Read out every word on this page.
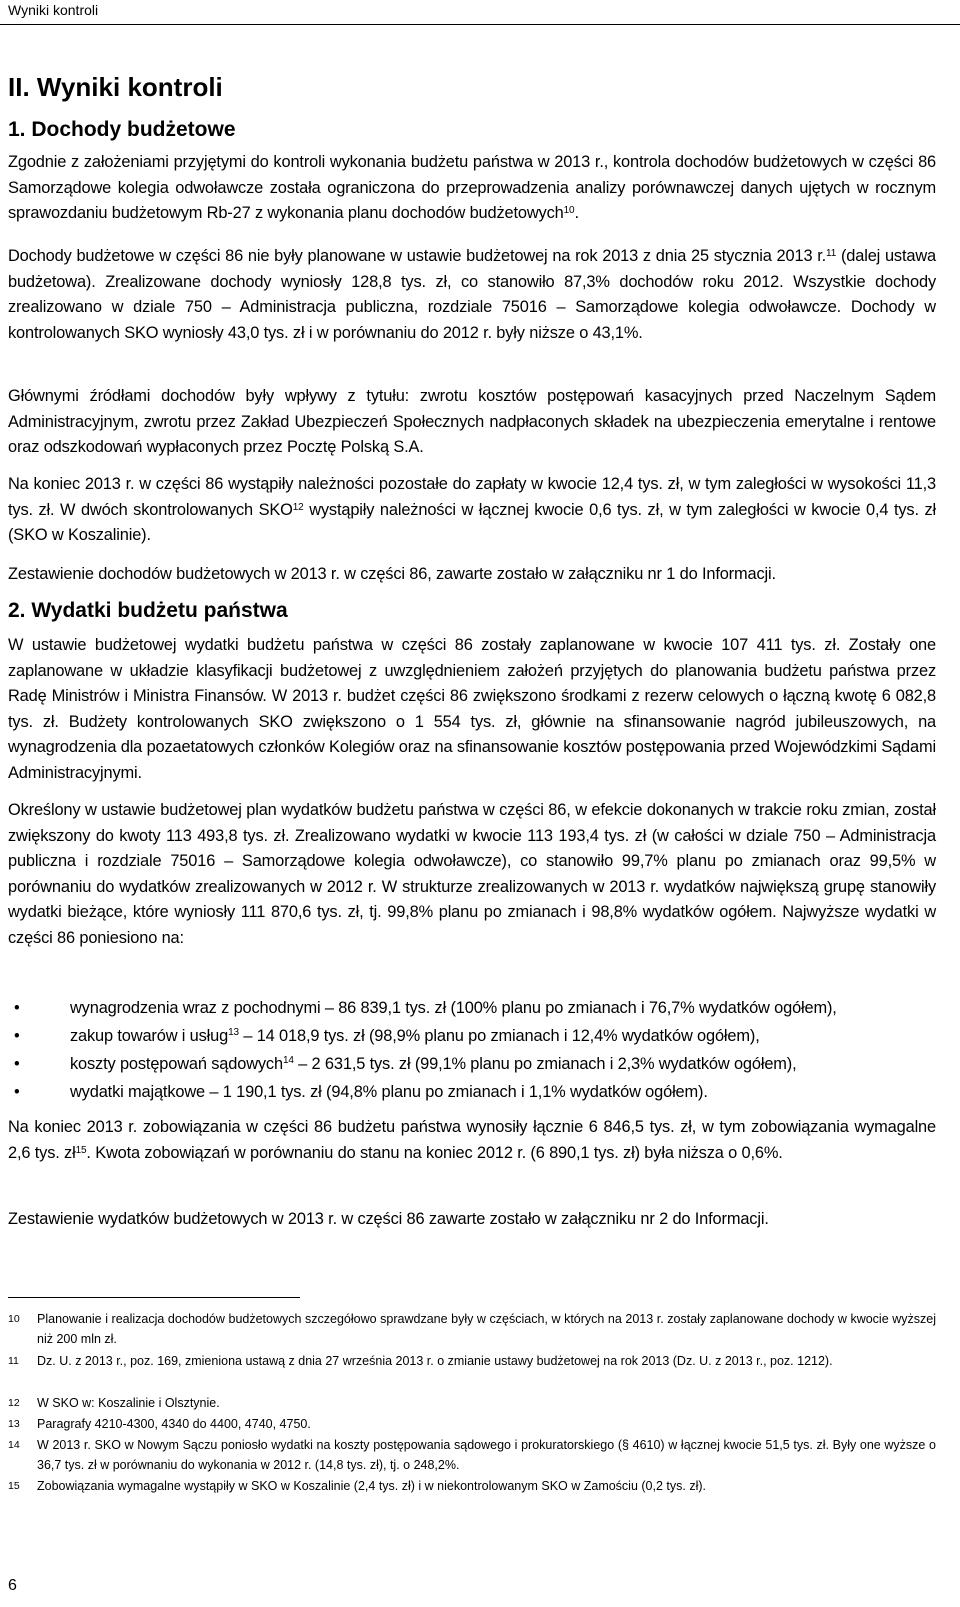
Wyniki kontroli
II. Wyniki kontroli
1. Dochody budżetowe

Zgodnie z założeniami przyjętymi do kontroli wykonania budżetu państwa w 2013 r., kontrola dochodów budżetowych w części 86 Samorządowe kolegia odwoławcze została ograniczona do przeprowadzenia analizy porównawczej danych ujętych w rocznym sprawozdaniu budżetowym Rb-27 z wykonania planu dochodów budżetowych$^{10}$.

Dochody budżetowe w części 86 nie były planowane w ustawie budżetowej na rok 2013 z dnia 25 stycznia 2013 r.$^{11}$ (dalej ustawa budżetowa). Zrealizowane dochody wyniosły 128,8 tys. zł, co stanowiło 87,3% dochodów roku 2012. Wszystkie dochody zrealizowano w dziale 750 – Administracja publiczna, rozdziale 75016 – Samorządowe kolegia odwoławcze. Dochody w kontrolowanych SKO wyniosły 43,0 tys. zł i w porównaniu do 2012 r. były niższe o 43,1%.

Głównymi źródłami dochodów były wpływy z tytułu: zwrotu kosztów postępowań kasacyjnych przed Naczelnym Sądem Administracyjnym, zwrotu przez Zakład Ubezpieczeń Społecznych nadpłaconych składek na ubezpieczenia emerytalne i rentowe oraz odszkodowań wypłaconych przez Pocztę Polską S.A.

Na koniec 2013 r. w części 86 wystąpiły należności pozostałe do zapłaty w kwocie 12,4 tys. zł, w tym zaległości w wysokości 11,3 tys. zł. W dwóch skontrolowanych SKO$^{12}$ wystąpiły należności w łącznej kwocie 0,6 tys. zł, w tym zaległości w kwocie 0,4 tys. zł (SKO w Koszalinie).

Zestawienie dochodów budżetowych w 2013 r. w części 86, zawarte zostało w załączniku nr 1 do Informacji.

2. Wydatki budżetu państwa

W ustawie budżetowej wydatki budżetu państwa w części 86 zostały zaplanowane w kwocie 107 411 tys. zł. Zostały one zaplanowane w układzie klasyfikacji budżetowej z uwzględnieniem założeń przyjętych do planowania budżetu państwa przez Radę Ministrów i Ministra Finansów. W 2013 r. budżet części 86 zwiększono środkami z rezerw celowych o łączną kwotę 6 082,8 tys. zł. Budżety kontrolowanych SKO zwiększono o 1 554 tys. zł, głównie na sfinansowanie nagród jubileuszowych, na wynagrodzenia dla pozaetatowych członków Kolegiów oraz na sfinansowanie kosztów postępowania przed Wojewódzkimi Sądami Administracyjnymi.

Określony w ustawie budżetowej plan wydatków budżetu państwa w części 86, w efekcie dokonanych w trakcie roku zmian, został zwiększony do kwoty 113 493,8 tys. zł. Zrealizowano wydatki w kwocie 113 193,4 tys. zł (w całości w dziale 750 – Administracja publiczna i rozdziale 75016 – Samorządowe kolegia odwoławcze), co stanowiło 99,7% planu po zmianach oraz 99,5% w porównaniu do wydatków zrealizowanych w 2012 r. W strukturze zrealizowanych w 2013 r. wydatków największą grupę stanowiły wydatki bieżące, które wyniosły 111 870,6 tys. zł, tj. 99,8% planu po zmianach i 98,8% wydatków ogółem. Najwyższe wydatki w części 86 poniesiono na:

•	wynagrodzenia wraz z pochodnymi – 86 839,1 tys. zł (100% planu po zmianach i 76,7% wydatków ogółem),
•	zakup towarów i usług$^{13}$ – 14 018,9 tys. zł (98,9% planu po zmianach i 12,4% wydatków ogółem),
•	koszty postępowań sądowych$^{14}$ – 2 631,5 tys. zł (99,1% planu po zmianach i 2,3% wydatków ogółem),
•	wydatki majątkowe – 1 190,1 tys. zł (94,8% planu po zmianach i 1,1% wydatków ogółem).

Na koniec 2013 r. zobowiązania w części 86 budżetu państwa wynosiły łącznie 6 846,5 tys. zł, w tym zobowiązania wymagalne 2,6 tys. $zł^{15}$. Kwota zobowiązań w porównaniu do stanu na koniec 2012 r. (6 890,1 tys. zł) była niższa o 0,6%.

Zestawienie wydatków budżetowych w 2013 r. w części 86 zawarte zostało w załączniku nr 2 do Informacji.

10 Planowanie i realizacja dochodów budżetowych szczegółowo sprawdzane były w częściach, w których na 2013 r. zostały zaplanowane dochody w kwocie wyższej niż 200 mln zł.
11 Dz. U. z 2013 r., poz. 169, zmieniona ustawą z dnia 27 września 2013 r. o zmianie ustawy budżetowej na rok 2013 (Dz. U. z 2013 r., poz. 1212).
12 W SKO w: Koszalinie i Olsztynie.
13 Paragrafy 4210-4300, 4340 do 4400, 4740, 4750.
14 W 2013 r. SKO w Nowym Sączu poniosło wydatki na koszty postępowania sądowego i prokuratorskiego (§ 4610) w łącznej kwocie 51,5 tys. zł. Były one wyższe o 36,7 tys. zł w porównaniu do wykonania w 2012 r. (14,8 tys. zł), tj. o 248,2%.
15 Zobowiązania wymagalne wystąpiły w SKO w Koszalinie (2,4 tys. zł) i w niekontrolowanym SKO w Zamościu (0,2 tys. zł).
6
